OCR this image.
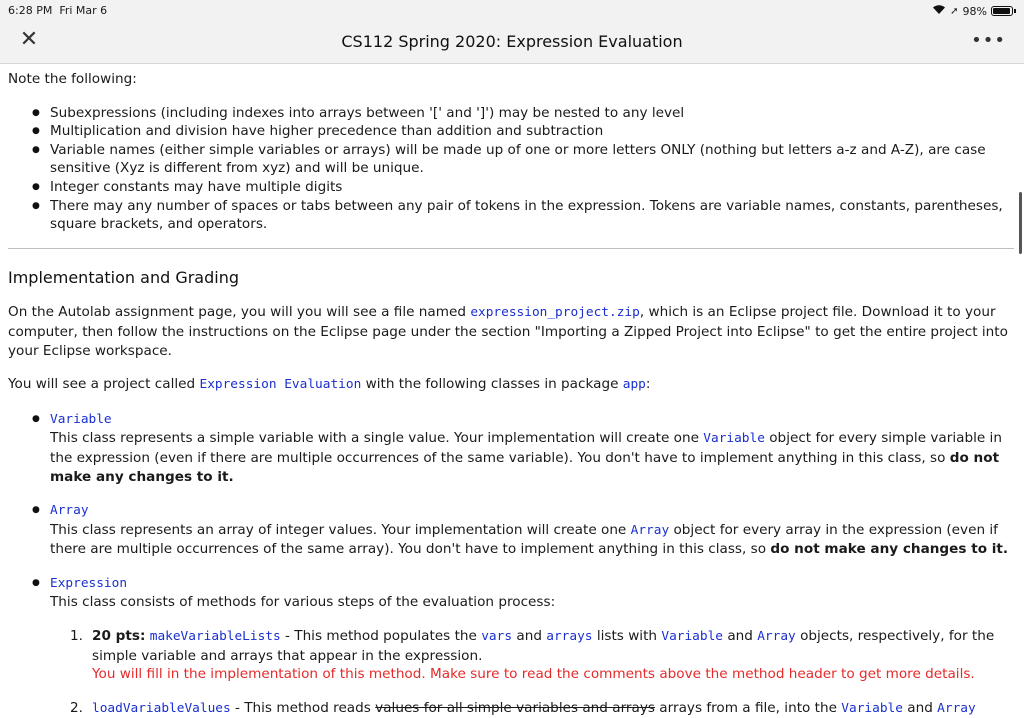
6:28 PM Fri Mar 6	➚ 98%
✕	CS112 Spring 2020: Expression Evaluation	•••

Note the following:

● Subexpressions (including indexes into arrays between '[' and ']') may be nested to any level
● Multiplication and division have higher precedence than addition and subtraction
● Variable names (either simple variables or arrays) will be made up of one or more letters ONLY (nothing but letters a-z and A-Z), are case sensitive (Xyz is different from xyz) and will be unique.
● Integer constants may have multiple digits
● There may any number of spaces or tabs between any pair of tokens in the expression. Tokens are variable names, constants, parentheses, square brackets, and operators.
Implementation and Grading

On the Autolab assignment page, you will you will see a file named expression_project.zip, which is an Eclipse project file. Download it to your computer, then follow the instructions on the Eclipse page under the section "Importing a Zipped Project into Eclipse" to get the entire project into your Eclipse workspace.

You will see a project called Expression Evaluation with the following classes in package app:

● Variable
This class represents a simple variable with a single value. Your implementation will create one Variable object for every simple variable in the expression (even if there are multiple occurrences of the same variable). You don't have to implement anything in this class, so do not make any changes to it.
● Array
This class represents an array of integer values. Your implementation will create one Array object for every array in the expression (even if there are multiple occurrences of the same array). You don't have to implement anything in this class, so do not make any changes to it.
● Expression
This class consists of methods for various steps of the evaluation process:
1. 20 pts: makeVariableLists - This method populates the vars and arrays lists with Variable and Array objects, respectively, for the simple variable and arrays that appear in the expression.
You will fill in the implementation of this method. Make sure to read the comments above the method header to get more details.
2. loadVariableValues - This method reads values for all simple variables and arrays arrays from a file, into the Variable and Array
